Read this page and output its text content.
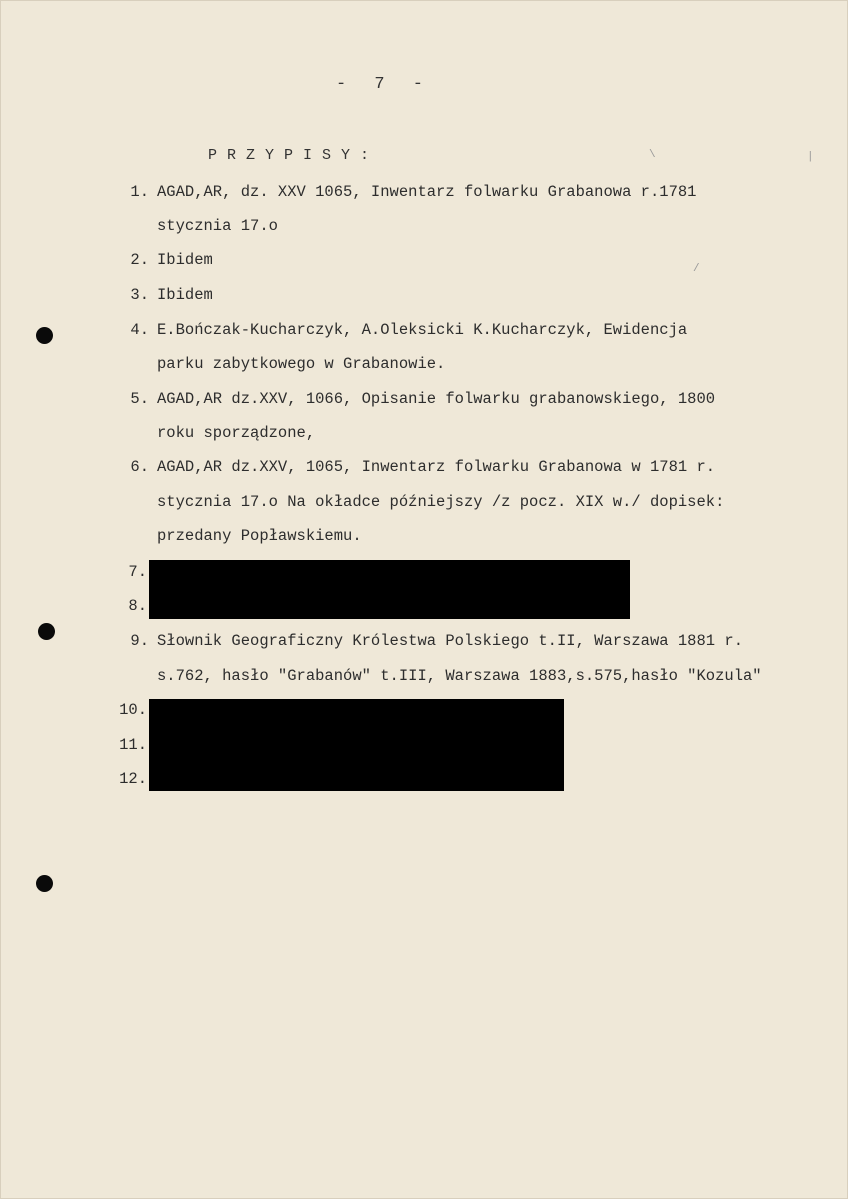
- 7 -
PRZYPISY:
1. AGAD,AR, dz. XXV 1065, Inwentarz folwarku Grabanowa r.1781
stycznia 17.o
2. Ibidem
3. Ibidem
4. E.Bończak-Kucharczyk, A.Oleksicki K.Kucharczyk, Ewidencja
parku zabytkowego w Grabanowie.
5. AGAD,AR dz.XXV, 1066, Opisanie folwarku grabanowskiego, 1800
roku sporządzone,
6. AGAD,AR dz.XXV, 1065, Inwentarz folwarku Grabanowa w 1781 r.
stycznia 17.o Na okładce późniejszy /z pocz. XIX w./ dopisek:
przedany Popławskiemu.
7.
8.
9. Słownik Geograficzny Królestwa Polskiego t.II, Warszawa 1881 r.
s.762, hasło "Grabanów" t.III, Warszawa 1883,s.575,hasło "Kozula"
10.
11.
12.
\
/
|
